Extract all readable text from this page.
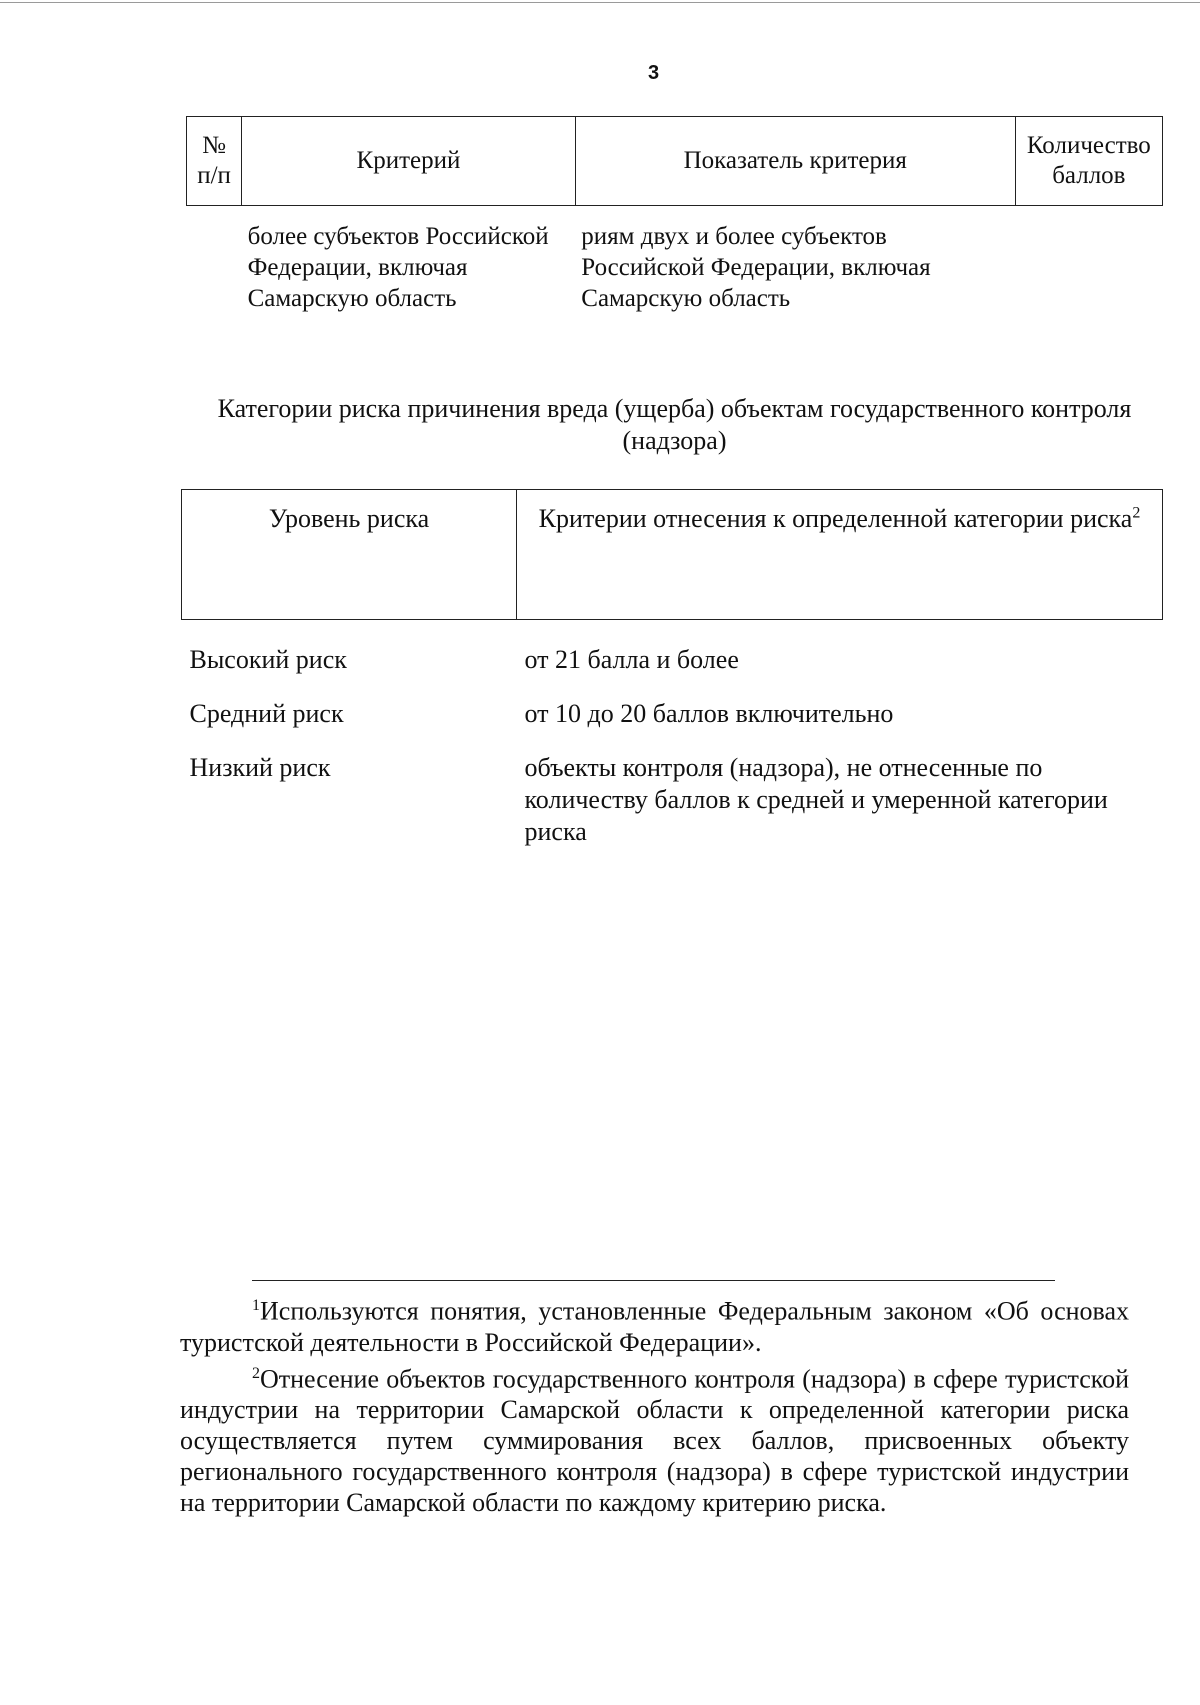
3
№ п/п	Критерий	Показатель критерия	Количество баллов
	более субъектов Российской Федерации, включая Самарскую область	риям двух и более субъектов Российской Федерации, включая Самарскую область	
Категории риска причинения вреда (ущерба) объектам государственного контроля (надзора)
Уровень риска	Критерии отнесения к определенной категории риска$^2$
Высокий риск	от 21 балла и более
Средний риск	от 10 до 20 баллов включительно
Низкий риск	объекты контроля (надзора), не отнесенные по количеству баллов к средней и умеренной категории риска

$^1$Используются понятия, установленные Федеральным законом «Об основах туристской деятельности в Российской Федерации».

$^2$Отнесение объектов государственного контроля (надзора) в сфере туристской индустрии на территории Самарской области к определенной категории риска осуществляется путем суммирования всех баллов, присвоенных объекту регионального государственного контроля (надзора) в сфере туристской индустрии на территории Самарской области по каждому критерию риска.
